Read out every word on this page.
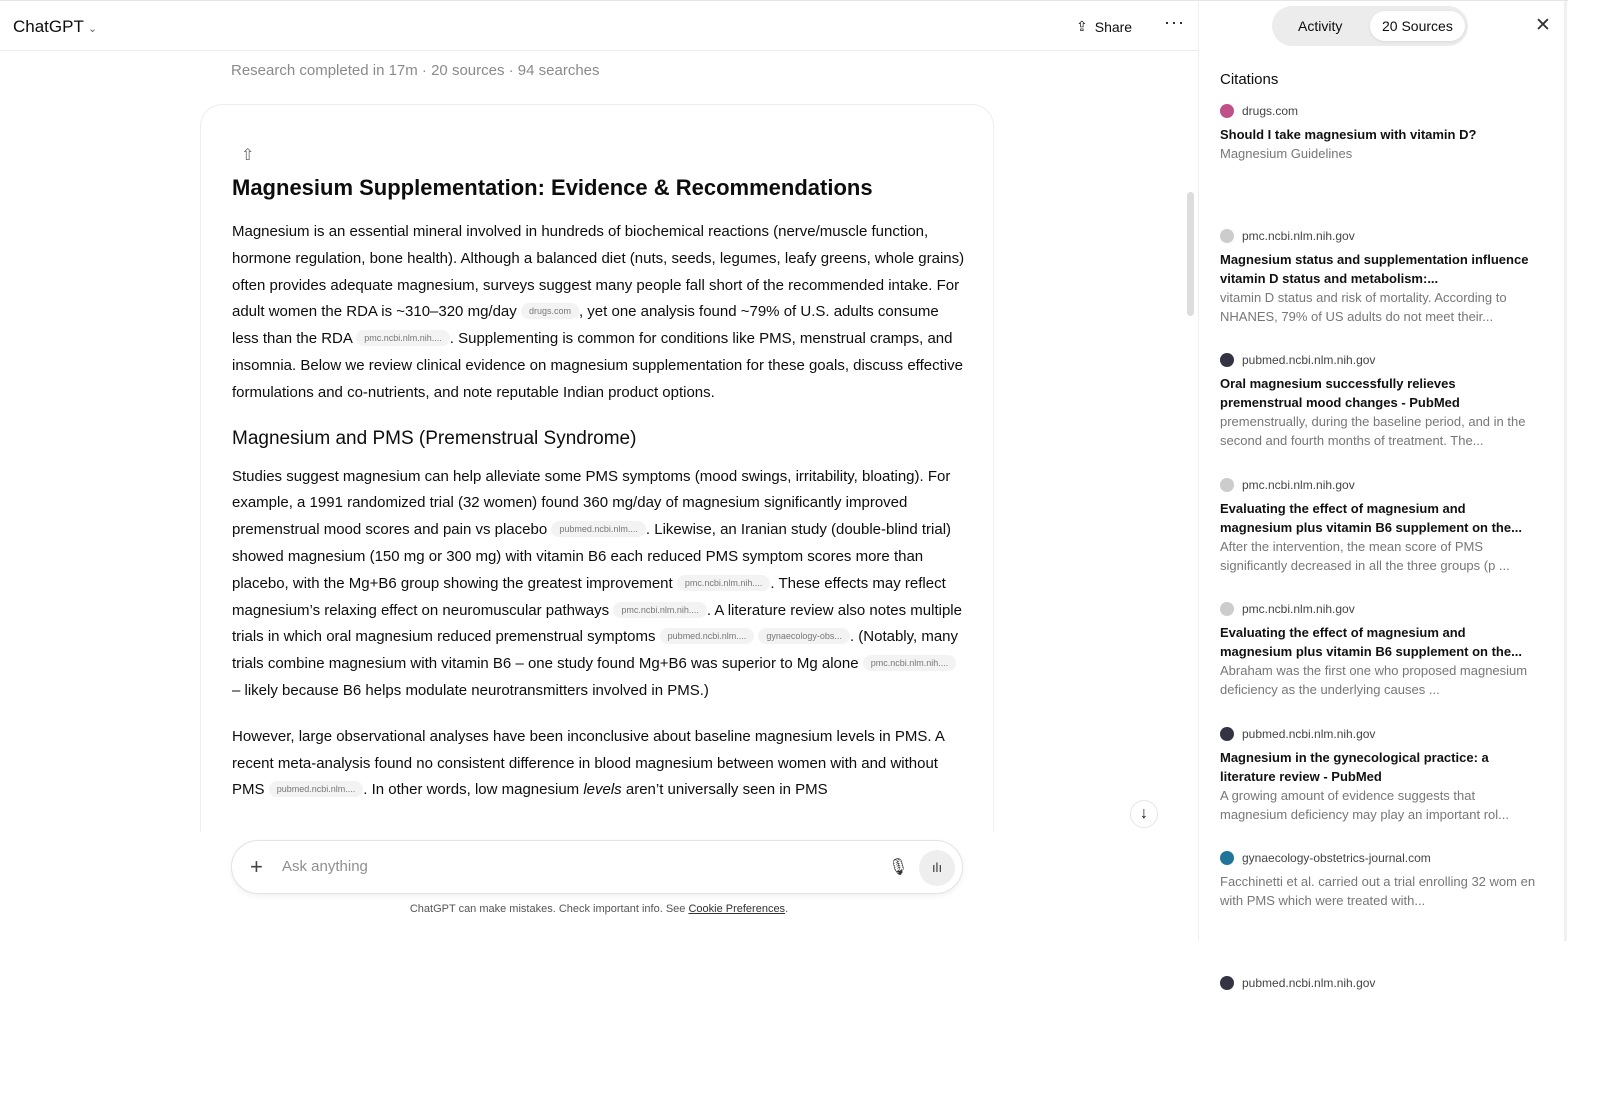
ChatGPT ⌄	⇪ Share ···
Research completed in 17m · 20 sources · 94 searches
⇧
Magnesium Supplementation: Evidence & Recommendations

Magnesium is an essential mineral involved in hundreds of biochemical reactions (nerve/muscle function, hormone regulation, bone health). Although a balanced diet (nuts, seeds, legumes, leafy greens, whole grains) often provides adequate magnesium, surveys suggest many people fall short of the recommended intake. For adult women the RDA is ~310–320 mg/day drugs.com , yet one analysis found ~79% of U.S. adults consume less than the RDA pmc.ncbi.nlm.nih.... . Supplementing is common for conditions like PMS, menstrual cramps, and insomnia. Below we review clinical evidence on magnesium supplementation for these goals, discuss effective formulations and co-nutrients, and note reputable Indian product options.

Magnesium and PMS (Premenstrual Syndrome)

Studies suggest magnesium can help alleviate some PMS symptoms (mood swings, irritability, bloating). For example, a 1991 randomized trial (32 women) found 360 mg/day of magnesium significantly improved premenstrual mood scores and pain vs placebo pubmed.ncbi.nlm.... . Likewise, an Iranian study (double-blind trial) showed magnesium (150 mg or 300 mg) with vitamin B6 each reduced PMS symptom scores more than placebo, with the Mg+B6 group showing the greatest improvement pmc.ncbi.nlm.nih.... . These effects may reflect magnesium’s relaxing effect on neuromuscular pathways pmc.ncbi.nlm.nih.... . A literature review also notes multiple trials in which oral magnesium reduced premenstrual symptoms pubmed.ncbi.nlm.... gynaecology-obs... . (Notably, many trials combine magnesium with vitamin B6 – one study found Mg+B6 was superior to Mg alone pmc.ncbi.nlm.nih.... – likely because B6 helps modulate neurotransmitters involved in PMS.)

However, large observational analyses have been inconclusive about baseline magnesium levels in PMS. A recent meta-analysis found no consistent difference in blood magnesium between women with and without PMS pubmed.ncbi.nlm.... . In other words, low magnesium levels aren’t universally seen in PMS

↓
+ Ask anything	🎙	ılı
ChatGPT can make mistakes. Check important info. See Cookie Preferences.
Activity	20 Sources	✕
Citations
drugs.com
Should I take magnesium with vitamin D?
Magnesium Guidelines
pmc.ncbi.nlm.nih.gov
Magnesium status and supplementation influence vitamin D status and metabolism:...
vitamin D status and risk of mortality. According to NHANES, 79% of US adults do not meet their...
pubmed.ncbi.nlm.nih.gov
Oral magnesium successfully relieves premenstrual mood changes - PubMed
premenstrually, during the baseline period, and in the second and fourth months of treatment. The...
pmc.ncbi.nlm.nih.gov
Evaluating the effect of magnesium and magnesium plus vitamin B6 supplement on the...
After the intervention, the mean score of PMS significantly decreased in all the three groups (p ...
pmc.ncbi.nlm.nih.gov
Evaluating the effect of magnesium and magnesium plus vitamin B6 supplement on the...
Abraham was the first one who proposed magnesium deficiency as the underlying causes ...
pubmed.ncbi.nlm.nih.gov
Magnesium in the gynecological practice: a literature review - PubMed
A growing amount of evidence suggests that magnesium deficiency may play an important rol...
gynaecology-obstetrics-journal.com
Facchinetti et al. carried out a trial enrolling 32 wom en with PMS which were treated with...
pubmed.ncbi.nlm.nih.gov
